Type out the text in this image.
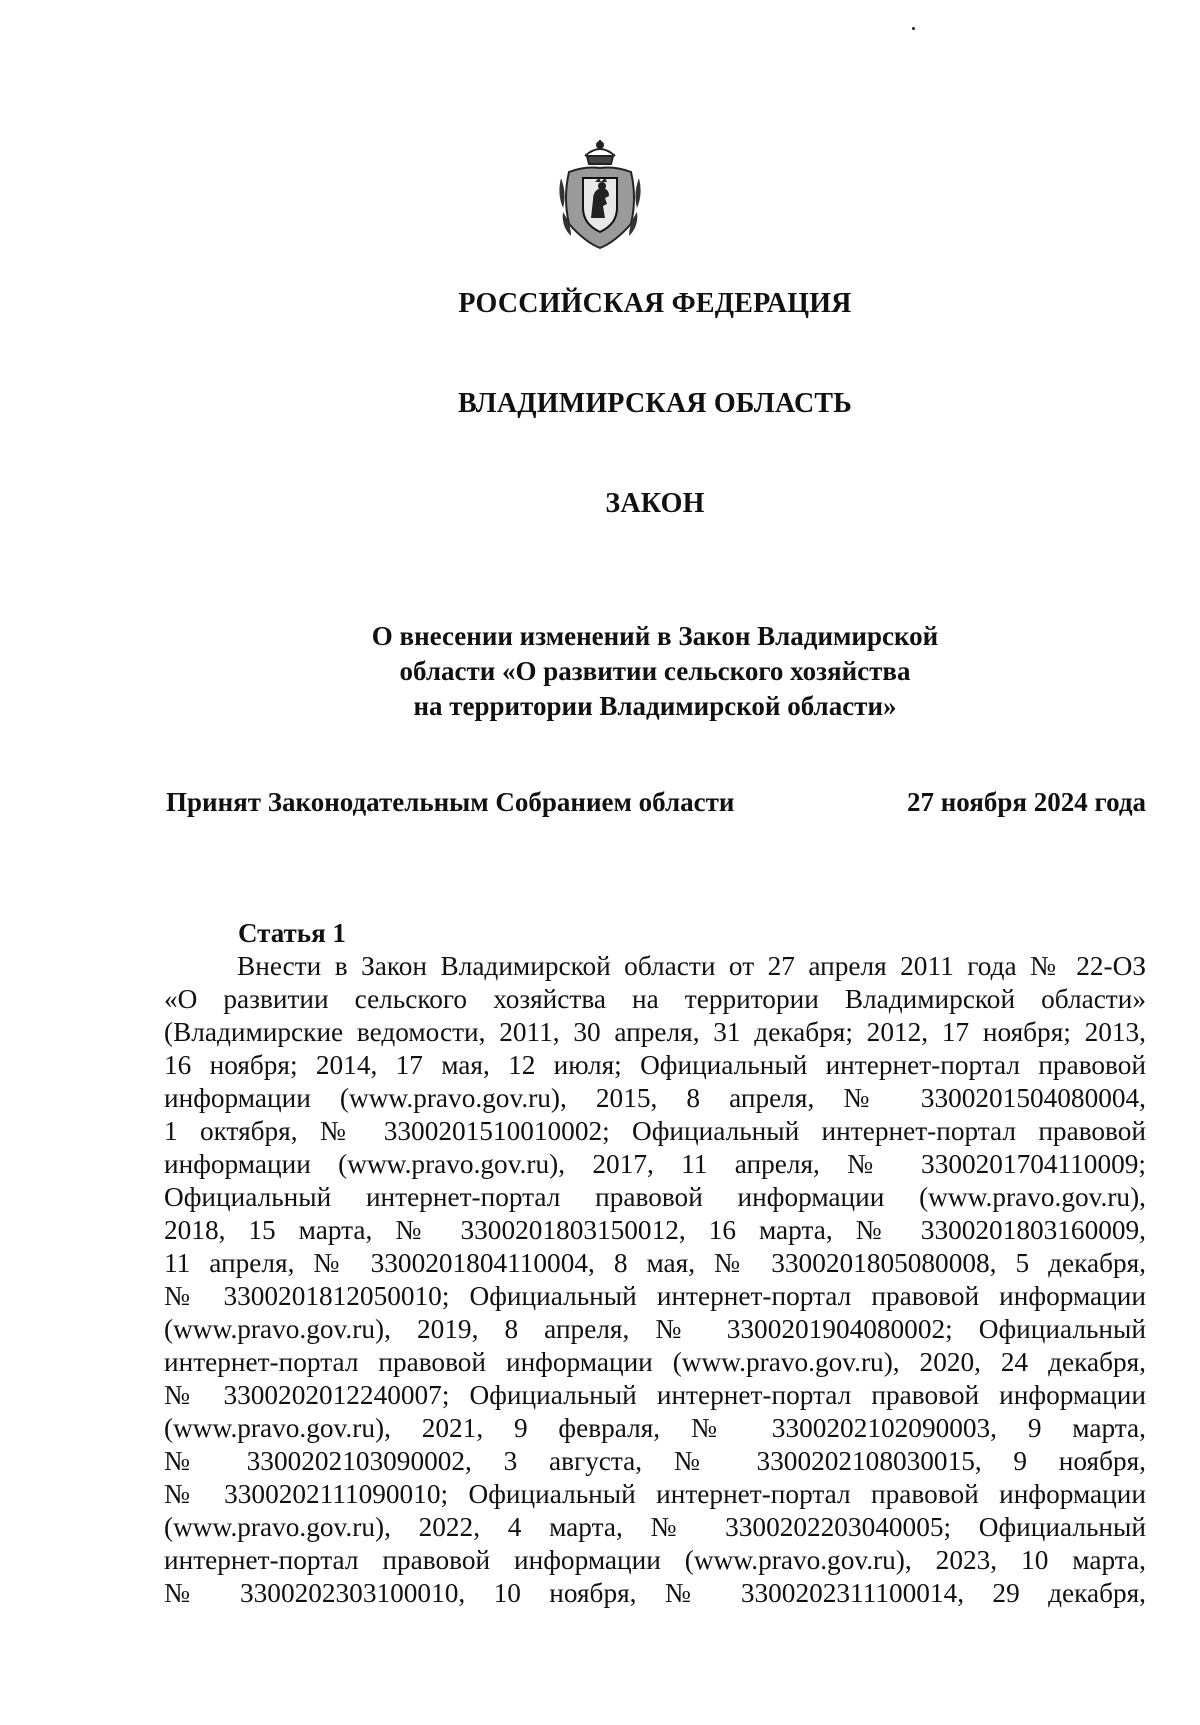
РОССИЙСКАЯ ФЕДЕРАЦИЯ
ВЛАДИМИРСКАЯ ОБЛАСТЬ
ЗАКОН
О внесении изменений в Закон Владимирской
области «О развитии сельского хозяйства
на территории Владимирской области»
Принят Законодательным Собранием области	27 ноября 2024 года
Статья 1
Внести в Закон Владимирской области от 27 апреля 2011 года № 22-ОЗ
«О развитии сельского хозяйства на территории Владимирской области»
(Владимирские ведомости, 2011, 30 апреля, 31 декабря; 2012, 17 ноября; 2013,
16 ноября; 2014, 17 мая, 12 июля; Официальный интернет-портал правовой
информации (www.pravo.gov.ru), 2015, 8 апреля, № 3300201504080004,
1 октября, № 3300201510010002; Официальный интернет-портал правовой
информации (www.pravo.gov.ru), 2017, 11 апреля, № 3300201704110009;
Официальный интернет-портал правовой информации (www.pravo.gov.ru),
2018, 15 марта, № 3300201803150012, 16 марта, № 3300201803160009,
11 апреля, № 3300201804110004, 8 мая, № 3300201805080008, 5 декабря,
№ 3300201812050010; Официальный интернет-портал правовой информации
(www.pravo.gov.ru), 2019, 8 апреля, № 3300201904080002; Официальный
интернет-портал правовой информации (www.pravo.gov.ru), 2020, 24 декабря,
№ 3300202012240007; Официальный интернет-портал правовой информации
(www.pravo.gov.ru), 2021, 9 февраля, № 3300202102090003, 9 марта,
№ 3300202103090002, 3 августа, № 3300202108030015, 9 ноября,
№ 3300202111090010; Официальный интернет-портал правовой информации
(www.pravo.gov.ru), 2022, 4 марта, № 3300202203040005; Официальный
интернет-портал правовой информации (www.pravo.gov.ru), 2023, 10 марта,
№ 3300202303100010, 10 ноября, № 3300202311100014, 29 декабря,
